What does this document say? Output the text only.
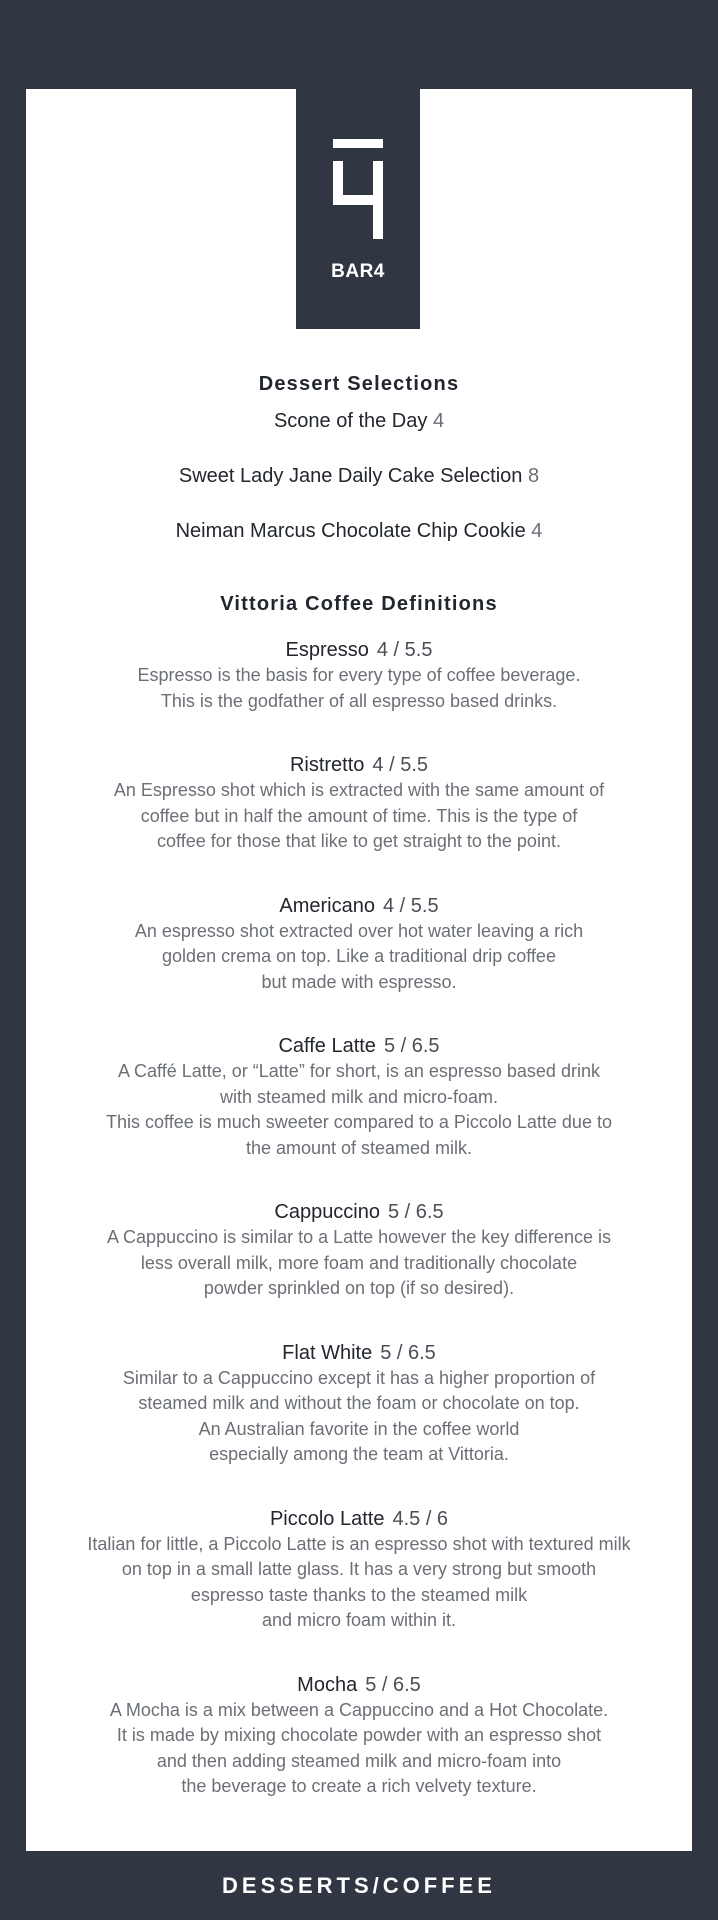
BAR4
Dessert Selections
Scone of the Day 4
Sweet Lady Jane Daily Cake Selection 8
Neiman Marcus Chocolate Chip Cookie 4
Vittoria Coffee Definitions
Espresso 4 / 5.5

Espresso is the basis for every type of coffee beverage.
This is the godfather of all espresso based drinks.

Ristretto 4 / 5.5

An Espresso shot which is extracted with the same amount of
coffee but in half the amount of time. This is the type of
coffee for those that like to get straight to the point.

Americano 4 / 5.5

An espresso shot extracted over hot water leaving a rich
golden crema on top. Like a traditional drip coffee
but made with espresso.

Caffe Latte 5 / 6.5

A Caffé Latte, or “Latte” for short, is an espresso based drink
with steamed milk and micro-foam.
This coffee is much sweeter compared to a Piccolo Latte due to
the amount of steamed milk.

Cappuccino 5 / 6.5

A Cappuccino is similar to a Latte however the key difference is
less overall milk, more foam and traditionally chocolate
powder sprinkled on top (if so desired).

Flat White 5 / 6.5

Similar to a Cappuccino except it has a higher proportion of
steamed milk and without the foam or chocolate on top.
An Australian favorite in the coffee world
especially among the team at Vittoria.

Piccolo Latte 4.5 / 6

Italian for little, a Piccolo Latte is an espresso shot with textured milk
on top in a small latte glass. It has a very strong but smooth
espresso taste thanks to the steamed milk
and micro foam within it.

Mocha 5 / 6.5

A Mocha is a mix between a Cappuccino and a Hot Chocolate.
It is made by mixing chocolate powder with an espresso shot
and then adding steamed milk and micro-foam into
the beverage to create a rich velvety texture.

DESSERTS/COFFEE
